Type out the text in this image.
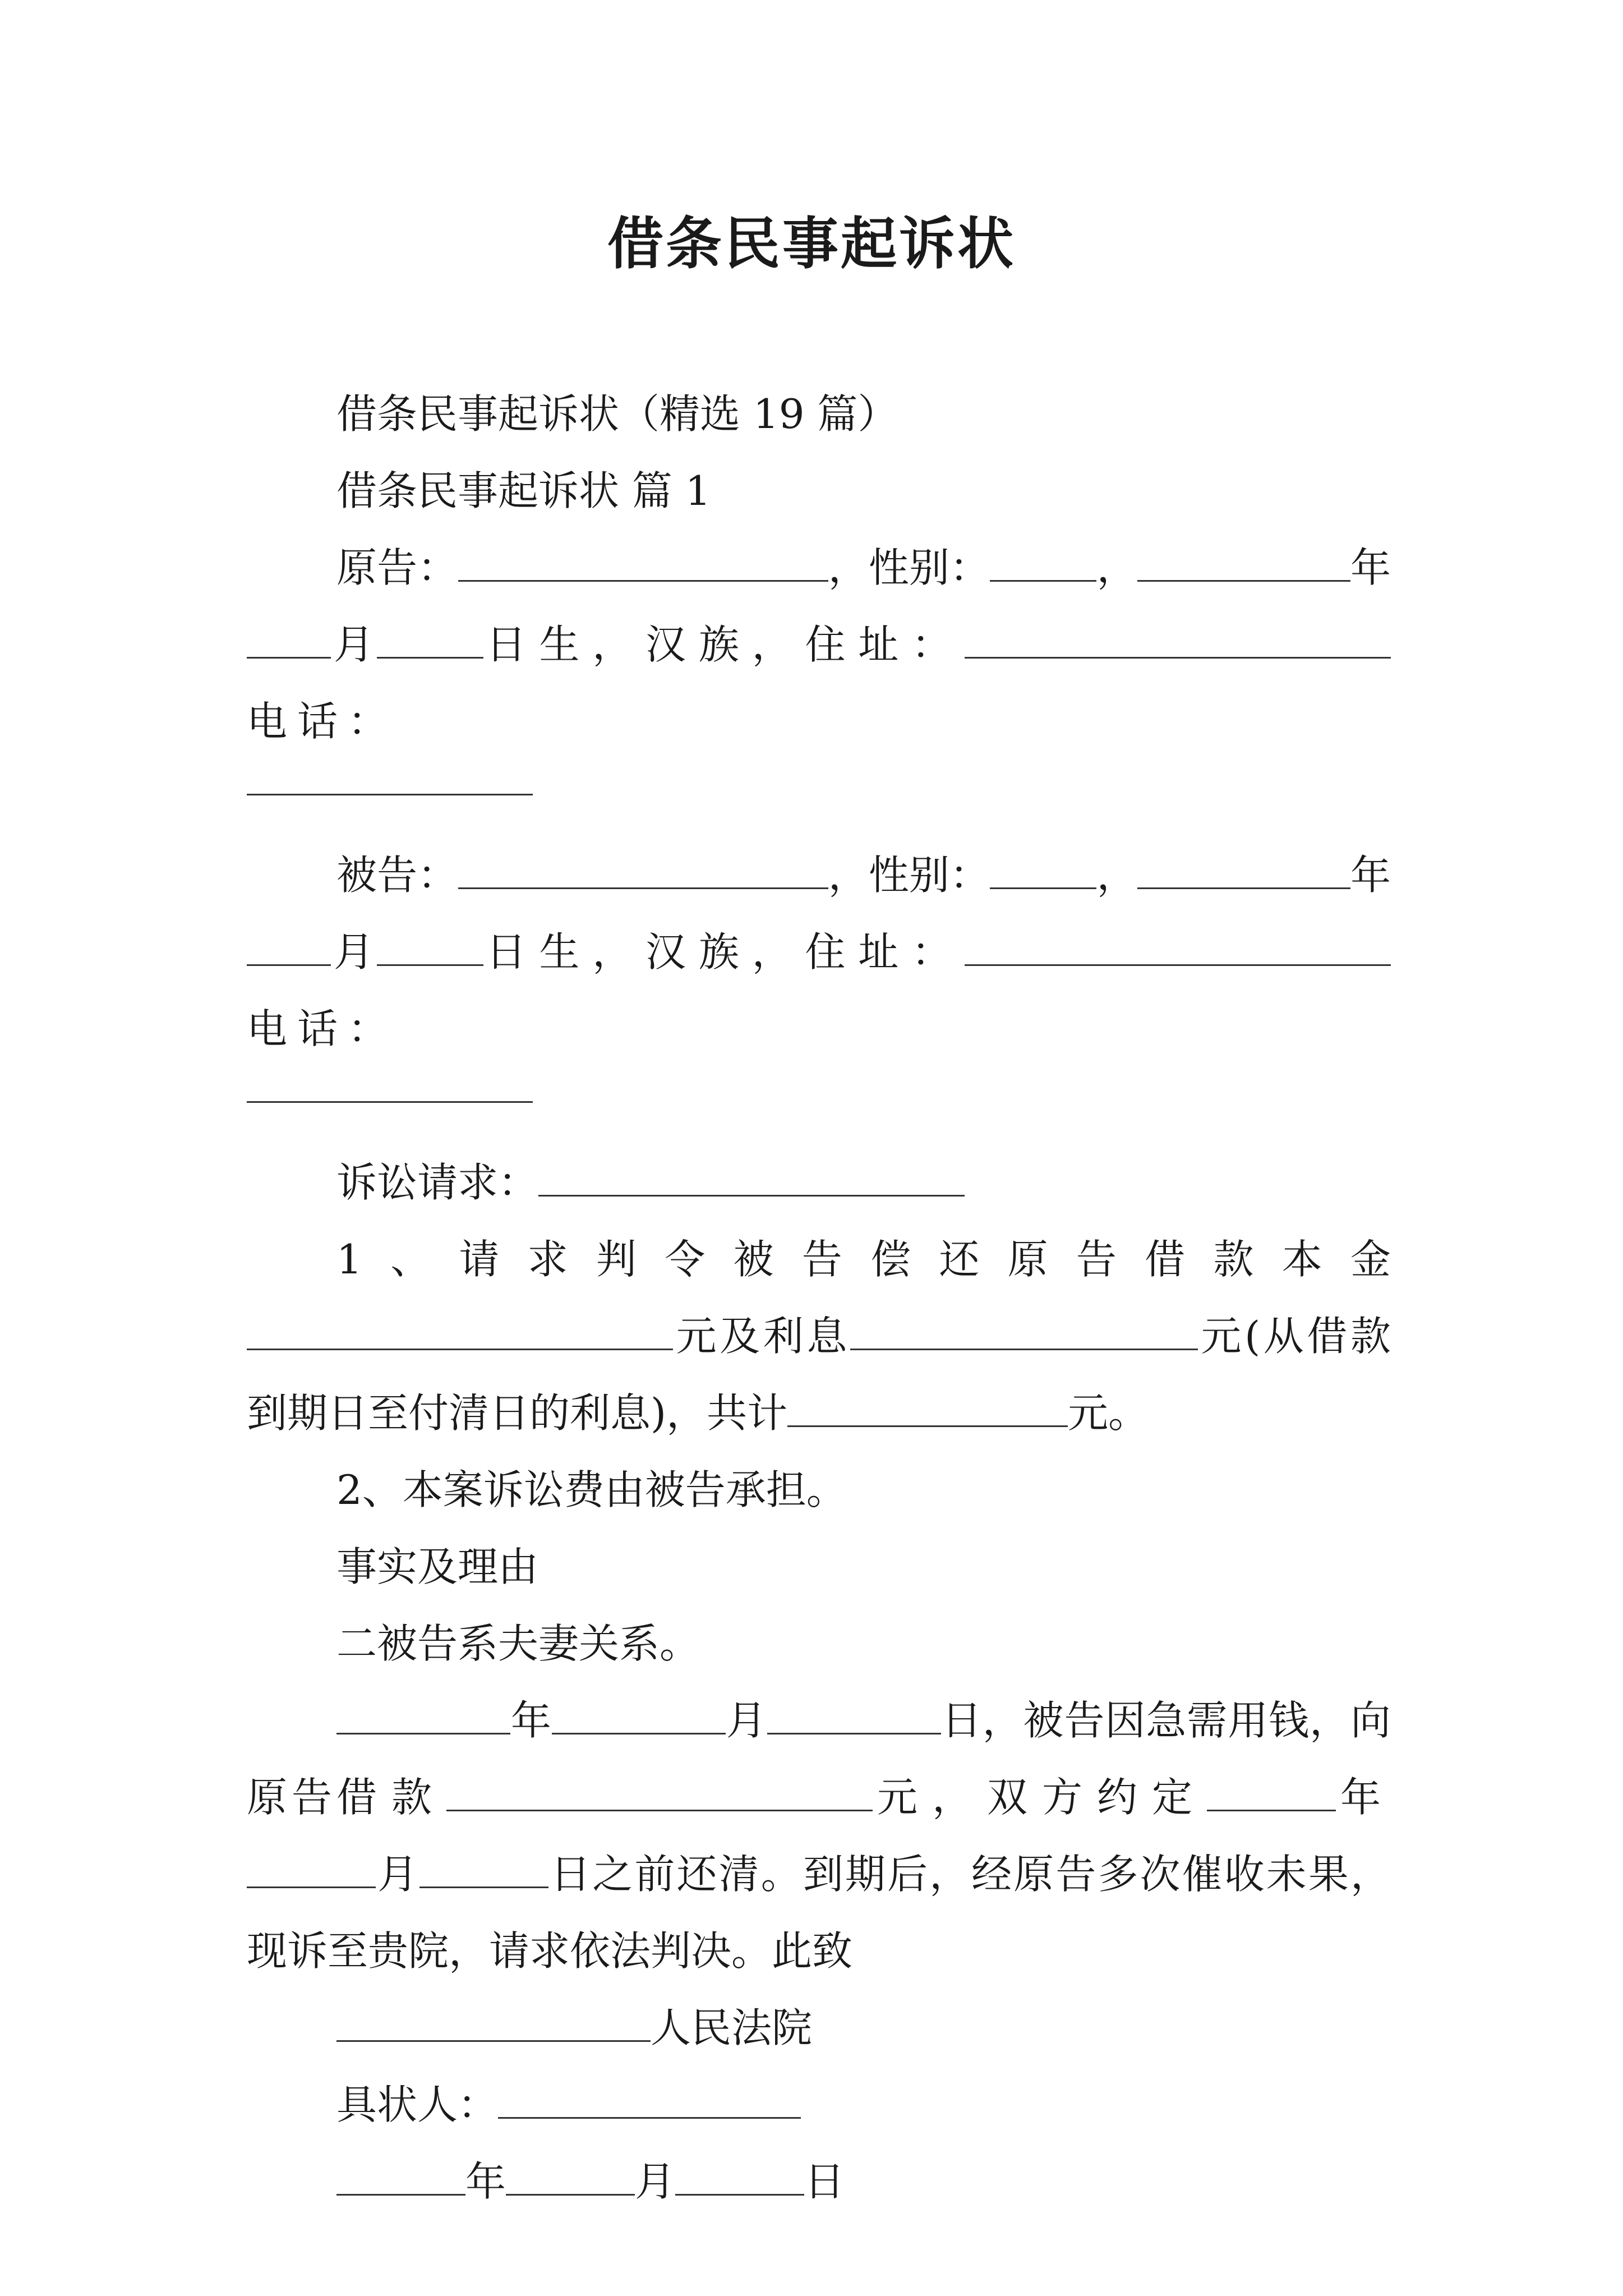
借条民事起诉状

借条民事起诉状（精选 19 篇）

借条民事起诉状 篇 1

原告：	，性别：	，	年月	日生，汉族，住址：电话：

被告：	，性别：	，	年月	日生，汉族，住址：电话：

诉讼请求：

1、请求判令被告偿还原告借款本金元及利息	元(从借款到期日至付清日的利息)，共计	元。

2、本案诉讼费由被告承担。

事实及理由

二被告系夫妻关系。

年	月	日，被告因急需用钱，向原告借款	元，双方约定	年月	日之前还清。到期后，经原告多次催收未果，现诉至贵院，请求依法判决。此致

人民法院

具状人：

年	月	日
